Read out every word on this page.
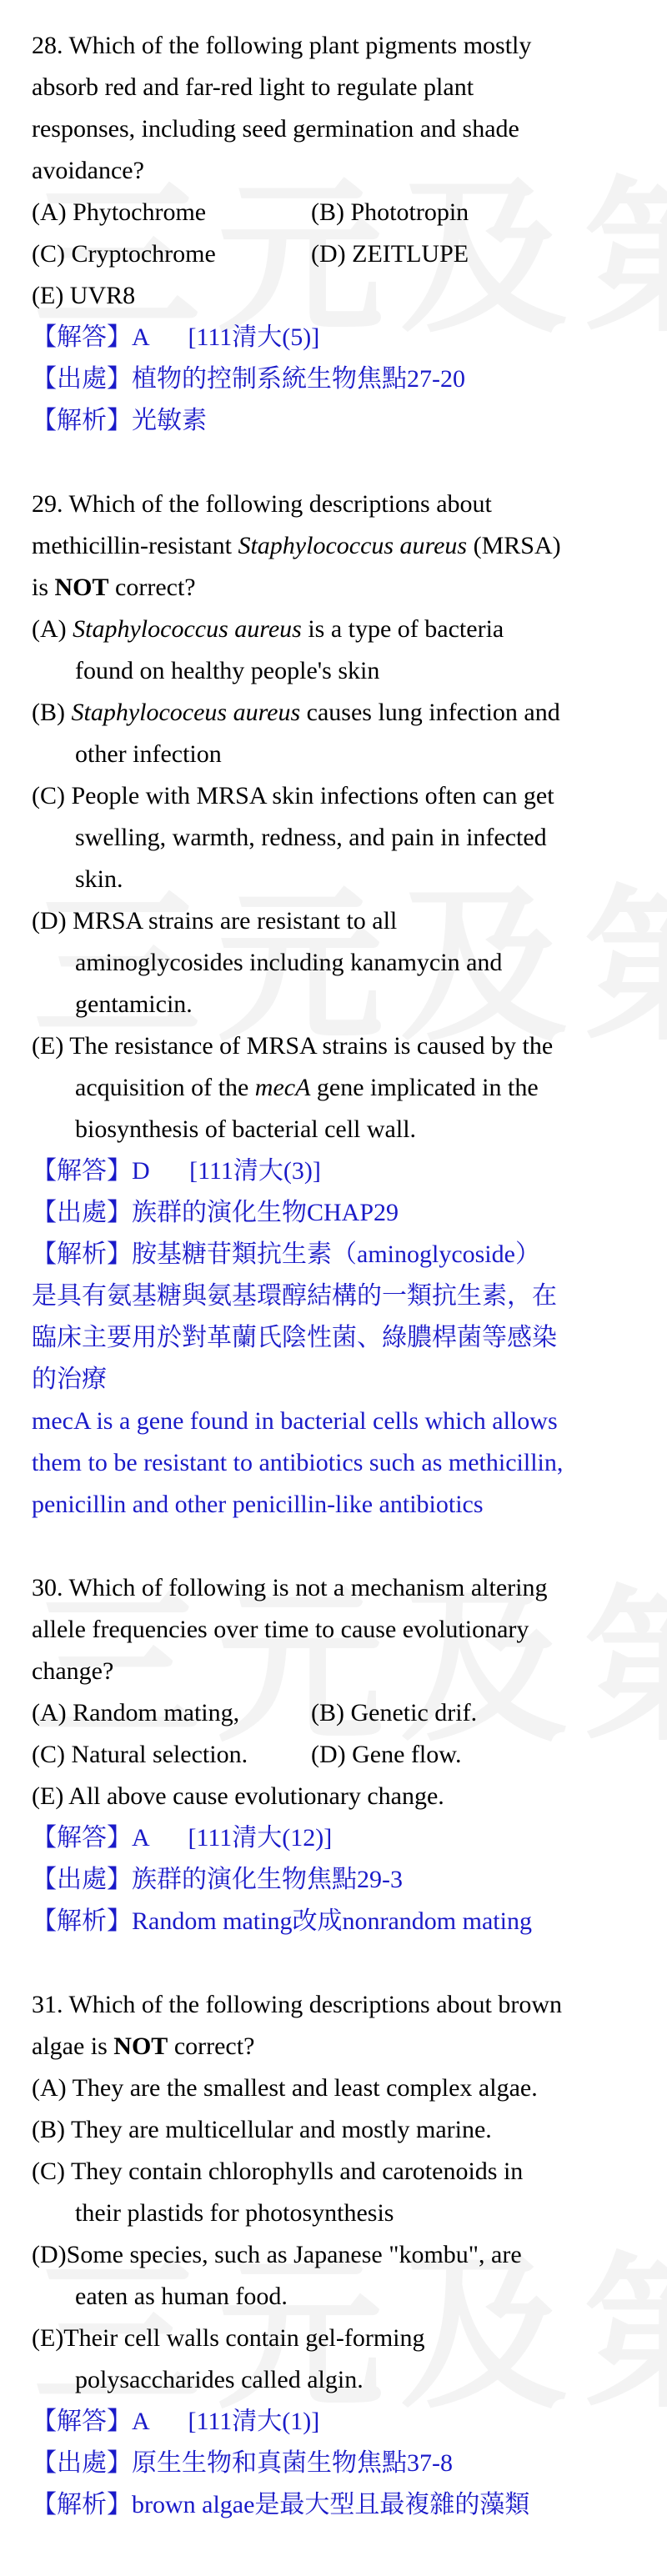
28. Which of the following plant pigments mostly
absorb red and far-red light to regulate plant
responses, including seed germination and shade
avoidance?
(A) Phytochrome	(B) Phototropin
(C) Cryptochrome	(D) ZEITLUPE
(E) UVR8
【解答】A [111清大(5)]
【出處】植物的控制系統生物焦點27-20
【解析】光敏素
29. Which of the following descriptions about
methicillin-resistant Staphylococcus aureus (MRSA)
is NOT correct?
(A) Staphylococcus aureus is a type of bacteria
found on healthy people's skin
(B) Staphylococeus aureus causes lung infection and
other infection
(C) People with MRSA skin infections often can get
swelling, warmth, redness, and pain in infected
skin.
(D) MRSA strains are resistant to all
aminoglycosides including kanamycin and
gentamicin.
(E) The resistance of MRSA strains is caused by the
acquisition of the mecA gene implicated in the
biosynthesis of bacterial cell wall.
【解答】D [111清大(3)]
【出處】族群的演化生物CHAP29
【解析】胺基糖苷類抗生素（aminoglycoside）
是具有氨基糖與氨基環醇結構的一類抗生素，在
臨床主要用於對革蘭氏陰性菌、綠膿桿菌等感染
的治療
mecA is a gene found in bacterial cells which allows
them to be resistant to antibiotics such as methicillin,
penicillin and other penicillin-like antibiotics
30. Which of following is not a mechanism altering
allele frequencies over time to cause evolutionary
change?
(A) Random mating,	(B) Genetic drif.
(C) Natural selection.	(D) Gene flow.
(E) All above cause evolutionary change.
【解答】A [111清大(12)]
【出處】族群的演化生物焦點29-3
【解析】Random mating改成nonrandom mating
31. Which of the following descriptions about brown
algae is NOT correct?
(A) They are the smallest and least complex algae.
(B) They are multicellular and mostly marine.
(C) They contain chlorophylls and carotenoids in
their plastids for photosynthesis
(D)Some species, such as Japanese "kombu", are
eaten as human food.
(E)Their cell walls contain gel-forming
polysaccharides called algin.
【解答】A [111清大(1)]
【出處】原生生物和真菌生物焦點37-8
【解析】brown algae是最大型且最複雜的藻類
